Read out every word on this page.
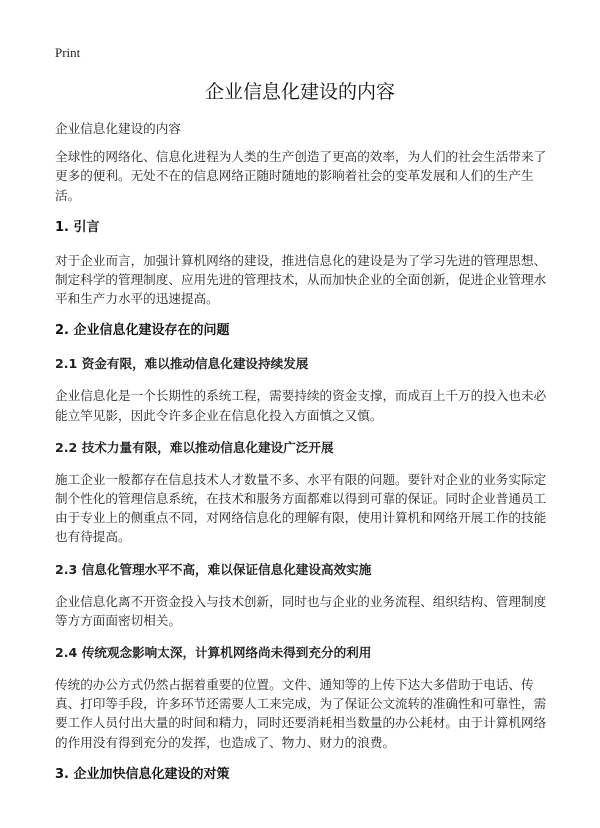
Print
企业信息化建设的内容

企业信息化建设的内容

全球性的网络化、信息化进程为人类的生产创造了更高的效率，为人们的社会生活带来了更多的便利。无处不在的信息网络正随时随地的影响着社会的变革发展和人们的生产生活。

1. 引言

对于企业而言，加强计算机网络的建设，推进信息化的建设是为了学习先进的管理思想、制定科学的管理制度、应用先进的管理技术，从而加快企业的全面创新，促进企业管理水平和生产力水平的迅速提高。

2. 企业信息化建设存在的问题
2.1 资金有限，难以推动信息化建设持续发展

企业信息化是一个长期性的系统工程，需要持续的资金支撑，而成百上千万的投入也未必能立竿见影，因此令许多企业在信息化投入方面慎之又慎。

2.2 技术力量有限，难以推动信息化建设广泛开展

施工企业一般都存在信息技术人才数量不多、水平有限的问题。要针对企业的业务实际定制个性化的管理信息系统，在技术和服务方面都难以得到可靠的保证。同时企业普通员工由于专业上的侧重点不同，对网络信息化的理解有限，使用计算机和网络开展工作的技能也有待提高。

2.3 信息化管理水平不高，难以保证信息化建设高效实施

企业信息化离不开资金投入与技术创新，同时也与企业的业务流程、组织结构、管理制度等方方面面密切相关。

2.4 传统观念影响太深，计算机网络尚未得到充分的利用

传统的办公方式仍然占据着重要的位置。文件、通知等的上传下达大多借助于电话、传真、打印等手段，许多环节还需要人工来完成，为了保证公文流转的准确性和可靠性，需要工作人员付出大量的时间和精力，同时还要消耗相当数量的办公耗材。由于计算机网络的作用没有得到充分的发挥，也造成了、物力、财力的浪费。

3. 企业加快信息化建设的对策
